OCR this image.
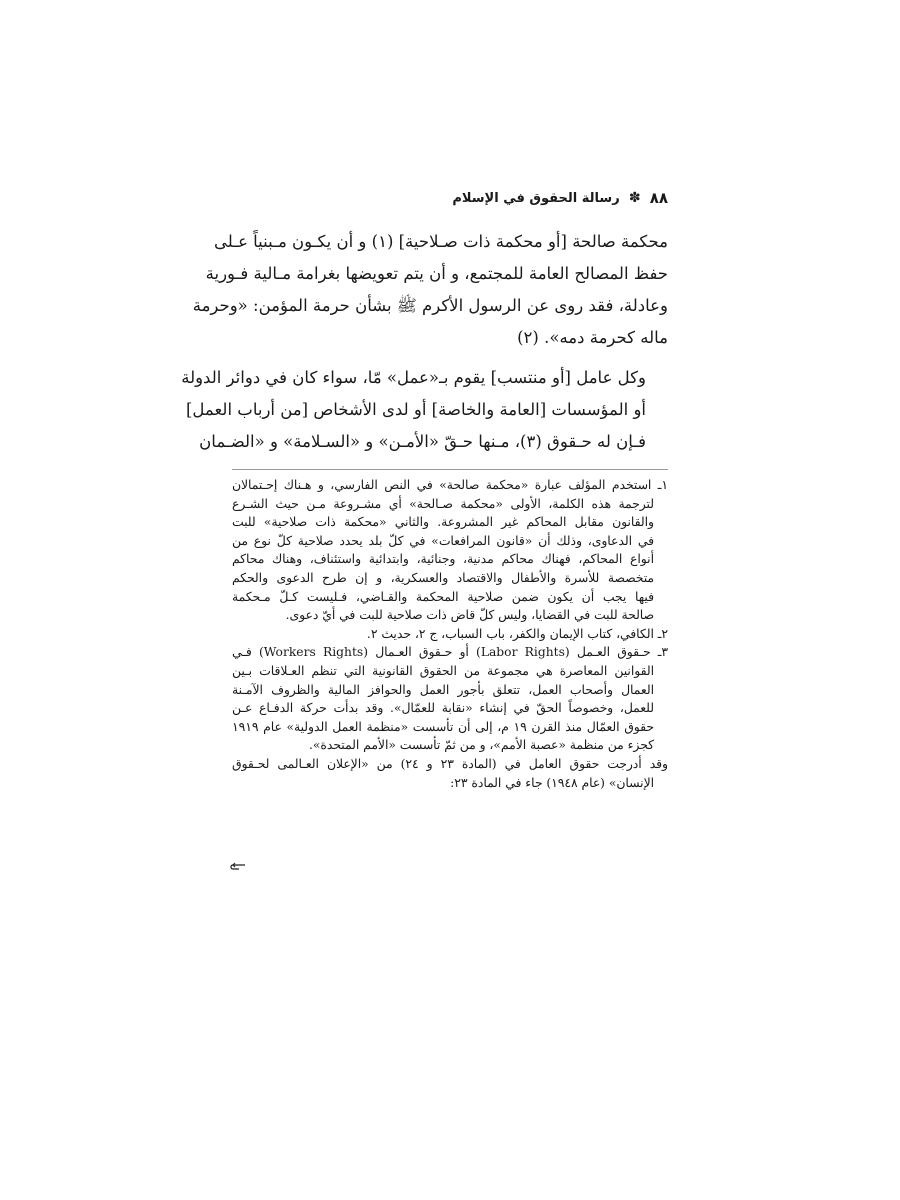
٨٨
✽
رسالة الحقوق في الإسلام

محكمة صالحة [أو محكمة ذات صـلاحية] (١) و أن يكـون مـبنياً عـلى
حفظ المصالح العامة للمجتمع، و أن يتم تعويضها بغرامة مـالية فـورية
وعادلة، فقد روى عن الرسول الأكرم ﷺ بشأن حرمة المؤمن: «وحرمة
ماله كحرمة دمه». (٢)

وكل عامل [أو منتسب] يقوم بـ«عمل» مّا، سواء كان في دوائر الدولة
أو المؤسسات [العامة والخاصة] أو لدى الأشخاص [من أرباب العمل]
فـإن له حـقوق (٣)، مـنها حـقّ «الأمـن» و «السـلامة» و «الضـمان

١ـ استخدم المؤلف عبارة «محكمة صالحة» في النص الفارسي، و هـناك إحـتمالان
لترجمة هذه الكلمة، الأولى «محكمة صـالحة» أي مشـروعة مـن حيث الشـرع
والقانون مقابل المحاكم غير المشروعة. والثاني «محكمة ذات صلاحية» للبت
في الدعاوى، وذلك أن «قانون المرافعات» في كلّ بلد يحدد صلاحية كلّ نوع من
أنواع المحاكم، فهناك محاكم مدنية، وجنائية، وابتدائية واستئناف، وهناك محاكم
متخصصة للأسرة والأطفال والاقتصاد والعسكرية، و إن طرح الدعوى والحكم
فيها يجب أن يكون ضمن صلاحية المحكمة والقـاضي، فـليست كـلّ مـحكمة
صالحة للبت في القضايا، وليس كلّ قاض ذات صلاحية للبت في أيّ دعوى.
٢ـ الكافي، كتاب الإيمان والكفر، باب السباب، ج ٢، حديث ٢.
٣ـ حـقوق العـمل (Labor Rights) أو حـقوق العـمال (Workers Rights) فـي
القوانين المعاصرة هي مجموعة من الحقوق القانونية التي تنظم العـلاقات بـين
العمال وأصحاب العمل، تتعلق بأجور العمل والحوافز المالية والظروف الآمـنة
للعمل، وخصوصاً الحقّ في إنشاء «نقابة للعمّال». وقد بدأت حركة الدفـاع عـن
حقوق العمّال منذ القرن ١٩ م، إلى أن تأسست «منظمة العمل الدولية» عام ١٩١٩
كجزء من منظمة «عصبة الأمم»، و من ثمّ تأسست «الأمم المتحدة».
وقد أدرجت حقوق العامل في (المادة ٢٣ و ٢٤) من «الإعلان العـالمى لحـقوق
الإنسان» (عام ١٩٤٨) جاء في المادة ٢٣:
